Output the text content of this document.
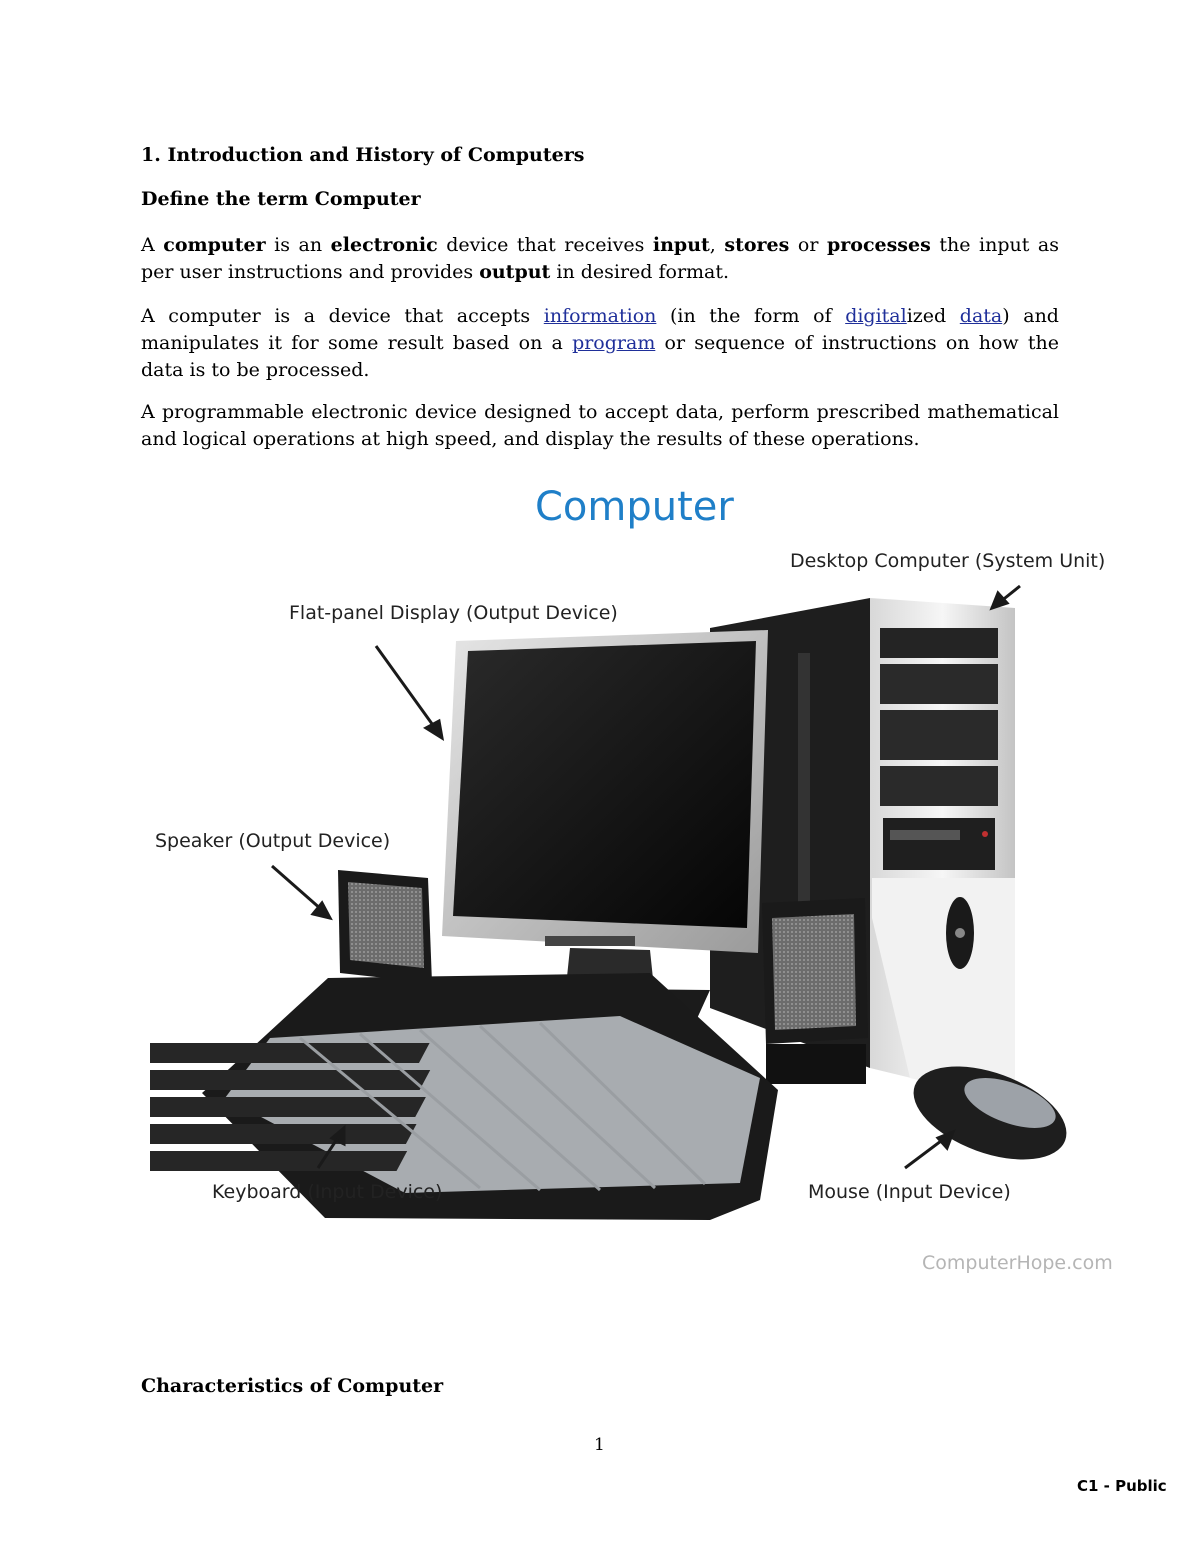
1. Introduction and History of Computers
Define the term Computer

A computer is an electronic device that receives input, stores or processes the input as per user instructions and provides output in desired format.

A computer is a device that accepts information (in the form of digitalized data) and manipulates it for some result based on a program or sequence of instructions on how the data is to be processed.

A programmable electronic device designed to accept data, perform prescribed mathematical and logical operations at high speed, and display the results of these operations.

Computer
Desktop Computer (System Unit)
Flat-panel Display (Output Device)
Speaker (Output Device)
Keyboard (Input Device)	Mouse (Input Device)
ComputerHope.com
Characteristics of Computer
1
C1 - Public
